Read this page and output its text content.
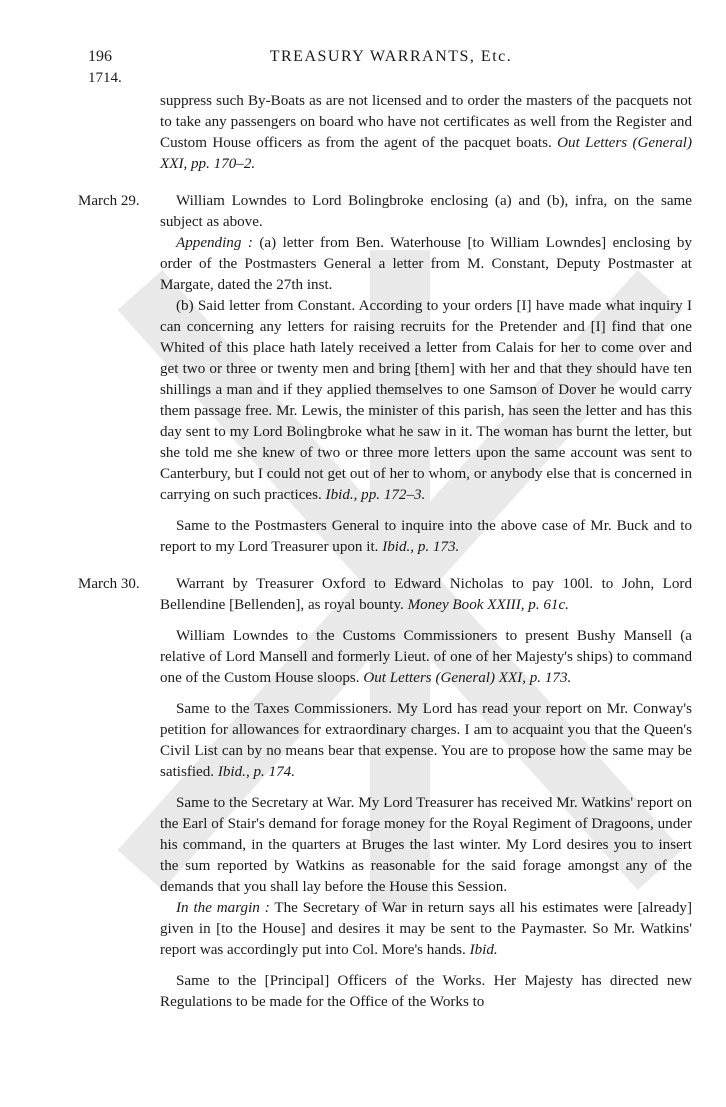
196	TREASURY WARRANTS, Etc.
1714.

suppress such By-Boats as are not licensed and to order the masters of the pacquets not to take any passengers on board who have not certificates as well from the Register and Custom House officers as from the agent of the pacquet boats. Out Letters (General) XXI, pp. 170–2.

March 29.	William Lowndes to Lord Bolingbroke enclosing (a) and (b), infra, on the same subject as above.

Appending : (a) letter from Ben. Waterhouse [to William Lowndes] enclosing by order of the Postmasters General a letter from M. Constant, Deputy Postmaster at Margate, dated the 27th inst.

(b) Said letter from Constant. According to your orders [I] have made what inquiry I can concerning any letters for raising recruits for the Pretender and [I] find that one Whited of this place hath lately received a letter from Calais for her to come over and get two or three or twenty men and bring [them] with her and that they should have ten shillings a man and if they applied themselves to one Samson of Dover he would carry them passage free. Mr. Lewis, the minister of this parish, has seen the letter and has this day sent to my Lord Bolingbroke what he saw in it. The woman has burnt the letter, but she told me she knew of two or three more letters upon the same account was sent to Canterbury, but I could not get out of her to whom, or anybody else that is concerned in carrying on such practices. Ibid., pp. 172–3.

Same to the Postmasters General to inquire into the above case of Mr. Buck and to report to my Lord Treasurer upon it. Ibid., p. 173.

March 30.	Warrant by Treasurer Oxford to Edward Nicholas to pay 100l. to John, Lord Bellendine [Bellenden], as royal bounty. Money Book XXIII, p. 61c.

William Lowndes to the Customs Commissioners to present Bushy Mansell (a relative of Lord Mansell and formerly Lieut. of one of her Majesty's ships) to command one of the Custom House sloops. Out Letters (General) XXI, p. 173.

Same to the Taxes Commissioners. My Lord has read your report on Mr. Conway's petition for allowances for extraordinary charges. I am to acquaint you that the Queen's Civil List can by no means bear that expense. You are to propose how the same may be satisfied. Ibid., p. 174.

Same to the Secretary at War. My Lord Treasurer has received Mr. Watkins' report on the Earl of Stair's demand for forage money for the Royal Regiment of Dragoons, under his command, in the quarters at Bruges the last winter. My Lord desires you to insert the sum reported by Watkins as reasonable for the said forage amongst any of the demands that you shall lay before the House this Session.

In the margin : The Secretary of War in return says all his estimates were [already] given in [to the House] and desires it may be sent to the Paymaster. So Mr. Watkins' report was accordingly put into Col. More's hands. Ibid.

Same to the [Principal] Officers of the Works. Her Majesty has directed new Regulations to be made for the Office of the Works to
